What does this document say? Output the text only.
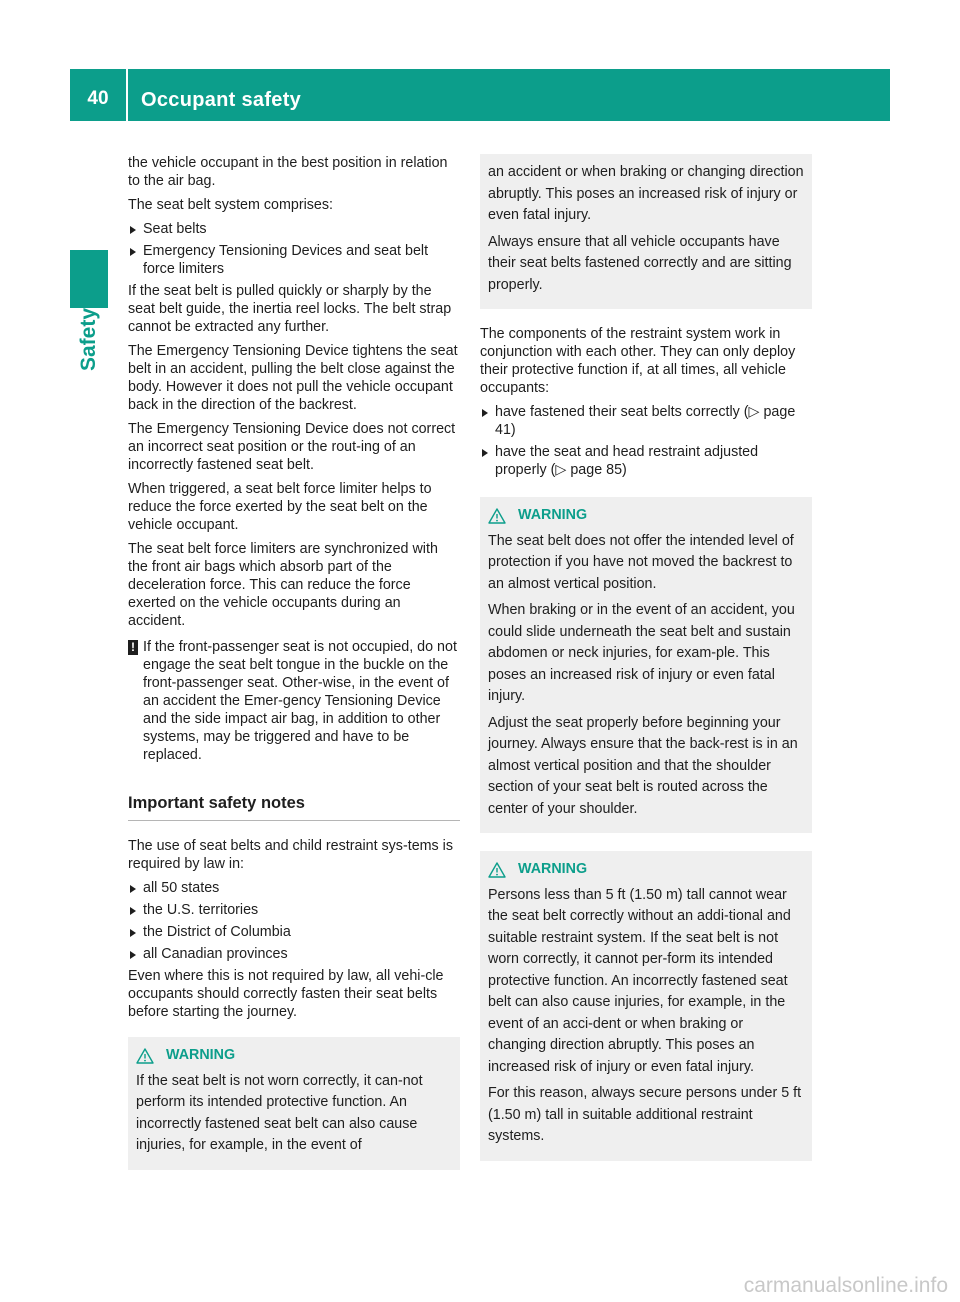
40	Occupant safety
Safety

the vehicle occupant in the best position in relation to the air bag.

The seat belt system comprises:

Seat belts
Emergency Tensioning Devices and seat belt force limiters

If the seat belt is pulled quickly or sharply by the seat belt guide, the inertia reel locks. The belt strap cannot be extracted any further.

The Emergency Tensioning Device tightens the seat belt in an accident, pulling the belt close against the body. However it does not pull the vehicle occupant back in the direction of the backrest.

The Emergency Tensioning Device does not correct an incorrect seat position or the rout-ing of an incorrectly fastened seat belt.

When triggered, a seat belt force limiter helps to reduce the force exerted by the seat belt on the vehicle occupant.

The seat belt force limiters are synchronized with the front air bags which absorb part of the deceleration force. This can reduce the force exerted on the vehicle occupants during an accident.

! If the front-passenger seat is not occupied, do not engage the seat belt tongue in the buckle on the front-passenger seat. Other-wise, in the event of an accident the Emer-gency Tensioning Device and the side impact air bag, in addition to other systems, may be triggered and have to be replaced.
Important safety notes

The use of seat belts and child restraint sys-tems is required by law in:

all 50 states
the U.S. territories
the District of Columbia
all Canadian provinces

Even where this is not required by law, all vehi-cle occupants should correctly fasten their seat belts before starting the journey.

WARNING

If the seat belt is not worn correctly, it can-not perform its intended protective function. An incorrectly fastened seat belt can also cause injuries, for example, in the event of

an accident or when braking or changing direction abruptly. This poses an increased risk of injury or even fatal injury.

Always ensure that all vehicle occupants have their seat belts fastened correctly and are sitting properly.

The components of the restraint system work in conjunction with each other. They can only deploy their protective function if, at all times, all vehicle occupants:

have fastened their seat belts correctly (▷ page 41)
have the seat and head restraint adjusted properly (▷ page 85)
WARNING

The seat belt does not offer the intended level of protection if you have not moved the backrest to an almost vertical position.

When braking or in the event of an accident, you could slide underneath the seat belt and sustain abdomen or neck injuries, for exam-ple. This poses an increased risk of injury or even fatal injury.

Adjust the seat properly before beginning your journey. Always ensure that the back-rest is in an almost vertical position and that the shoulder section of your seat belt is routed across the center of your shoulder.

WARNING

Persons less than 5 ft (1.50 m) tall cannot wear the seat belt correctly without an addi-tional and suitable restraint system. If the seat belt is not worn correctly, it cannot per-form its intended protective function. An incorrectly fastened seat belt can also cause injuries, for example, in the event of an acci-dent or when braking or changing direction abruptly. This poses an increased risk of injury or even fatal injury.

For this reason, always secure persons under 5 ft (1.50 m) tall in suitable additional restraint systems.

carmanualsonline.info
